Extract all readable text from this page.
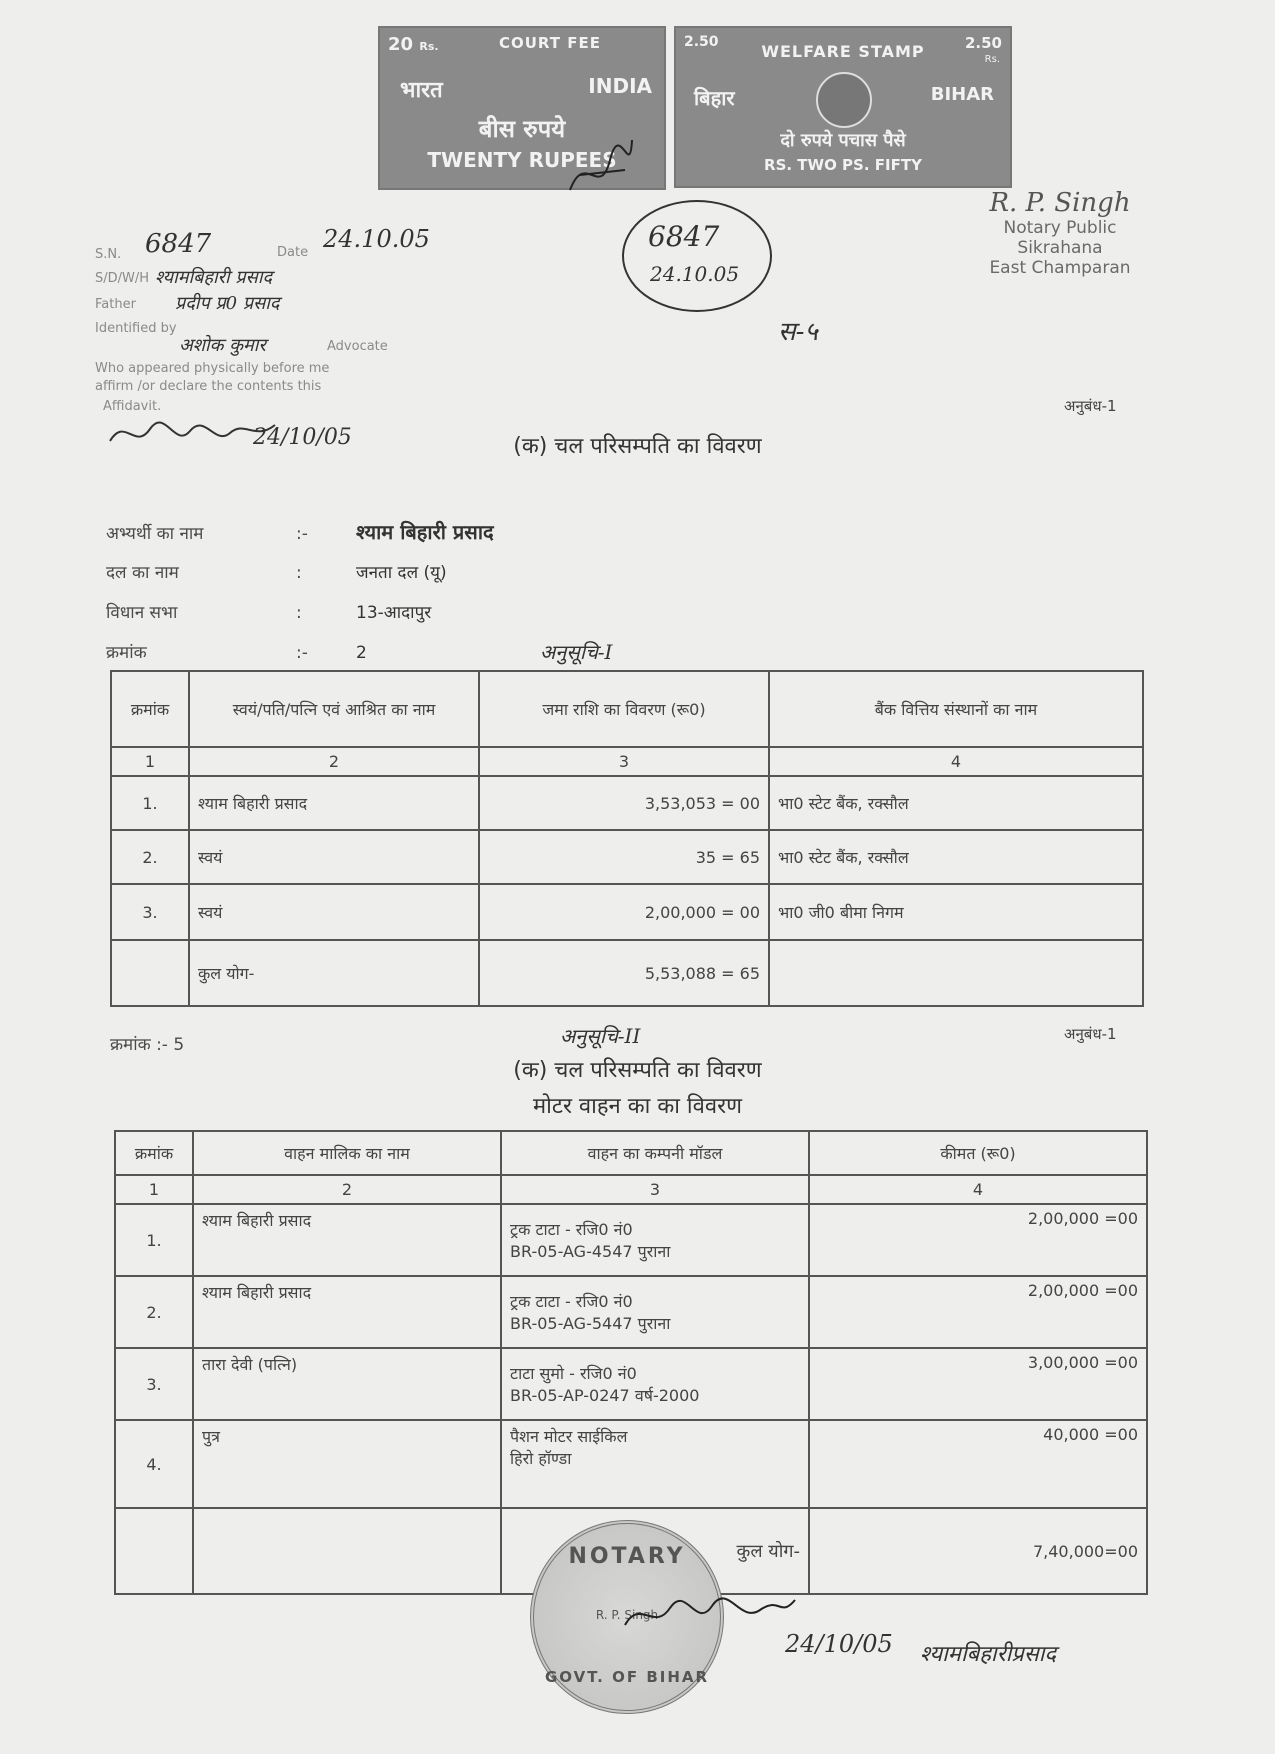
20 Rs.	COURT FEE
भारत	INDIA
बीस रुपये
TWENTY RUPEES
2.50	2.50
Rs.
WELFARE STAMP
बिहार	BIHAR
दो रुपये पचास पैसे
RS. TWO PS. FIFTY
S.N. 6847	Date 24.10.05
S/D/W/H श्यामबिहारी प्रसाद
Father प्रदीप प्र0 प्रसाद
Identified by
अशोक कुमार	Advocate
Who appeared physically before me
affirm /or declare the contents this
Affidavit.
24/10/05
6847
24.10.05
स-५
R. P. Singh
Notary Public
Sikrahana
East Champaran
अनुबंध-1
(क) चल परिसम्पति का विवरण
अभ्यर्थी का नाम	:- श्याम बिहारी प्रसाद
दल का नाम	:	जनता दल (यू)
विधान सभा	:	13-आदापुर
क्रमांक	:-	2	अनुसूचि-I
क्रमांक	स्वयं/पति/पत्नि एवं आश्रित का नाम	जमा राशि का विवरण (रू0)	बैंक वित्तिय संस्थानों का नाम
1	2	3	4
1.	श्याम बिहारी प्रसाद	3,53,053 = 00	भा0 स्टेट बैंक, रक्सौल
2.	स्वयं	35 = 65	भा0 स्टेट बैंक, रक्सौल
3.	स्वयं	2,00,000 = 00	भा0 जी0 बीमा निगम
	कुल योग-	5,53,088 = 65	
क्रमांक :- 5	अनुसूचि-II	अनुबंध-1
(क) चल परिसम्पति का विवरण
मोटर वाहन का का विवरण
क्रमांक	वाहन मालिक का नाम	वाहन का कम्पनी मॉडल	कीमत (रू0)
1	2	3	4
1.	श्याम बिहारी प्रसाद	ट्रक टाटा - रजि0 नं0
BR-05-AG-4547 पुराना	2,00,000 =00
2.	श्याम बिहारी प्रसाद	ट्रक टाटा - रजि0 नं0
BR-05-AG-5447 पुराना	2,00,000 =00
3.	तारा देवी (पत्नि)	टाटा सुमो - रजि0 नं0
BR-05-AP-0247 वर्ष-2000	3,00,000 =00
4.	पुत्र	पैशन मोटर साईकिल
हिरो हॉण्डा	40,000 =00
		कुल योग-	7,40,000=00
NOTARY
R. P. Singh
GOVT. OF BIHAR
24/10/05 श्यामबिहारीप्रसाद
